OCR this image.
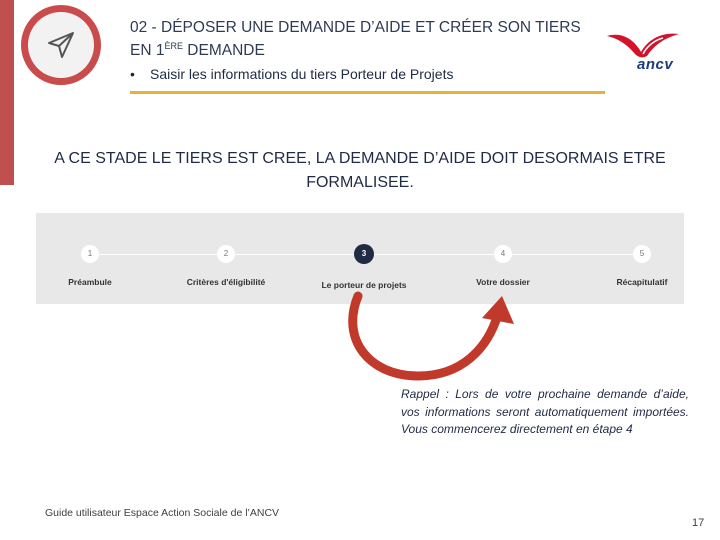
02 - DÉPOSER UNE DEMANDE D’AIDE ET CRÉER SON TIERS EN 1ÈRE DEMANDE
• Saisir les informations du tiers Porteur de Projets
ancv
A CE STADE LE TIERS EST CREE, LA DEMANDE D’AIDE DOIT DESORMAIS ETRE FORMALISEE.
1
Préambule
2
Critères d'éligibilité
3
Le porteur de projets
4
Votre dossier
5
Récapitulatif
Rappel : Lors de votre prochaine demande d’aide, vos informations seront automatiquement importées. Vous commencerez directement en étape 4
Guide utilisateur Espace Action Sociale de l’ANCV
17
